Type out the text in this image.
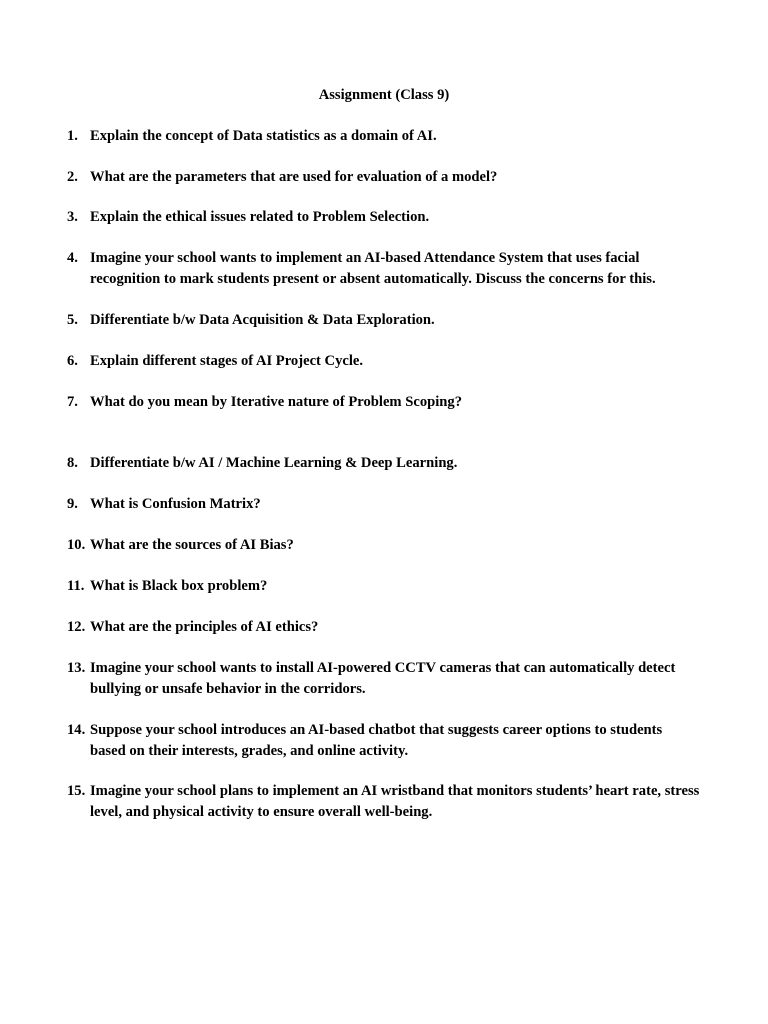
Assignment (Class 9)
1. Explain the concept of Data statistics as a domain of AI.
2. What are the parameters that are used for evaluation of a model?
3. Explain the ethical issues related to Problem Selection.
4. Imagine your school wants to implement an AI-based Attendance System that uses facial
recognition to mark students present or absent automatically. Discuss the concerns for this.
5. Differentiate b/w Data Acquisition & Data Exploration.
6. Explain different stages of AI Project Cycle.
7. What do you mean by Iterative nature of Problem Scoping?
8. Differentiate b/w AI / Machine Learning & Deep Learning.
9. What is Confusion Matrix?
10. What are the sources of AI Bias?
11. What is Black box problem?
12. What are the principles of AI ethics?
13. Imagine your school wants to install AI-powered CCTV cameras that can automatically detect
bullying or unsafe behavior in the corridors.
14. Suppose your school introduces an AI-based chatbot that suggests career options to students
based on their interests, grades, and online activity.
15. Imagine your school plans to implement an AI wristband that monitors students’ heart rate, stress
level, and physical activity to ensure overall well-being.
